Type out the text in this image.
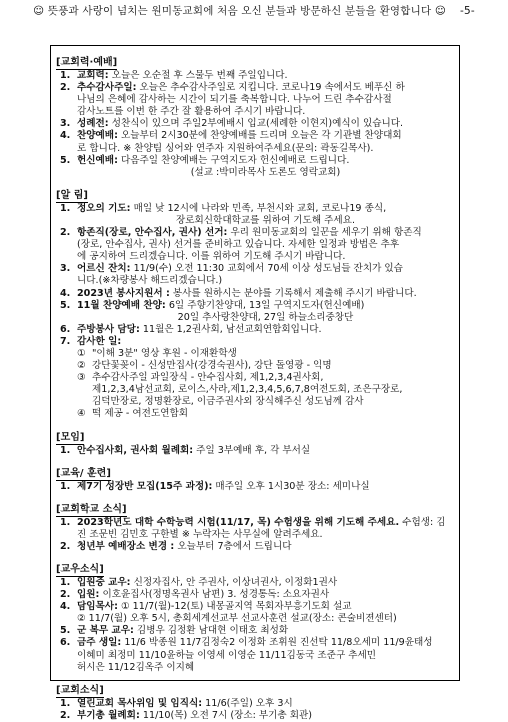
☺ 뜻풍과 사랑이 넘치는 원미동교회에 처음 오신 분들과 방문하신 분들을 환영합니다 ☺ -5-
[교회력·예배]
1. 교회력: 오늘은 오순절 후 스물두 번째 주일입니다.
2. 추수감사주일: 오늘은 추수감사주일로 지킵니다. 코로나19 속에서도 베푸신 하
나님의 은혜에 감사하는 시간이 되기를 축복합니다. 나누어 드린 추수감사절
감사노트를 이번 한 주간 잘 활용하여 주시기 바랍니다.
3. 성례전: 성찬식이 있으며 주일2부예배시 입교(세례한 이현지)예식이 있습니다.
4. 찬양예배: 오늘부터 2시30분에 찬양예배를 드리며 오늘은 각 기관별 찬양대회
로 합니다. ※ 찬양팀 싱어와 연주자 지원하여주세요(문의: 곽동길목사).
5. 헌신예배: 다음주일 찬양예배는 구역지도자 헌신예배로 드립니다.
(설교 :박미라목사 도론도 영락교회)
[알 림]
1. 정오의 기도: 매일 낮 12시에 나라와 민족, 부천시와 교회, 코로나19 종식,
장로회신학대학교를 위하여 기도해 주세요.
2. 항존직(장로, 안수집사, 권사) 선거: 우리 원미동교회의 일꾼을 세우기 위해 항존직
(장로, 안수집사, 권사) 선거를 준비하고 있습니다. 자세한 일정과 방법은 추후
에 공지하여 드리겠습니다. 이를 위하여 기도해 주시기 바랍니다.
3. 어르신 잔치: 11/9(수) 오전 11:30 교회에서 70세 이상 성도님들 잔치가 있습
니다.(※차량봉사 해드리겠습니다.)
4. 2023년 봉사지원서 : 봉사를 원하시는 분야를 기록해서 제출해 주시기 바랍니다.
5. 11월 찬양예배 찬양: 6일 주향기찬양대, 13일 구역지도자(헌신예배)
20일 추사랑찬양대, 27일 하늘소리중창단
6. 주방봉사 담당: 11월은 1,2권사회, 남선교회연합회입니다.
7. 감사한 일:
① "이해 3분" 영상 후원 - 이재환학생
② 강단꽃꽂이 - 신성만집사(강경숙권사), 강단 돌영광 - 익명
③ 추수감사주일 과일장식 - 안수집사회, 제1,2,3,4권사회,
제1,2,3,4남선교회, 로이스,사라,제1,2,3,4,5,6,7,8여전도회, 조은구장로,
김덕만장로, 정명환장로, 이금주권사외 장식해주신 성도님께 감사
④ 떡 제공 - 여전도연합회
[모임]
1. 안수집사회, 권사회 월례회: 주일 3부예배 후, 각 부서실
[교육/ 훈련]
1. 제7기 성장반 모집(15주 과정): 매주일 오후 1시30분 장소: 세미나실
[교회학교 소식]
1. 2023학년도 대학 수학능력 시험(11/17, 목) 수험생을 위해 기도해 주세요. 수험생: 김 진 조문빈 김민호 구한별 ※ 누락자는 사무실에 알려주세요.
2. 청년부 예배장소 변경 : 오늘부터 7층에서 드립니다
[교우소식]
1. 입원중 교우: 신정자집사, 안 주권사, 이상녀권사, 이정화1권사
2. 입원: 이호윤집사(정명옥권사 남편) 3. 성경통독: 소요자권사
4. 담임목사: ① 11/7(월)-12(토) 내몽골지역 목회자부흥기도회 설교
② 11/7(월) 오후 5시, 총회세계선교부 선교사훈련 설교(장소: 콘술비젼센터)
5. 군 복무 교우: 김병우 김정환 남대현 이태호 최성화
6. 금주 생일: 11/6 박종원 11/7김정숙2 이정화 조휘원 진선탁 11/8오세미 11/9윤태성
이혜미 최정미 11/10윤하늘 이영세 이영순 11/11김동국 조준구 추세민
허시은 11/12김옥주 이지혜
[교회소식]
1. 열린교회 목사위임 및 임직식: 11/6(주일) 오후 3시
2. 부기총 월례회: 11/10(목) 오전 7시 (장소: 부기총 회관)
